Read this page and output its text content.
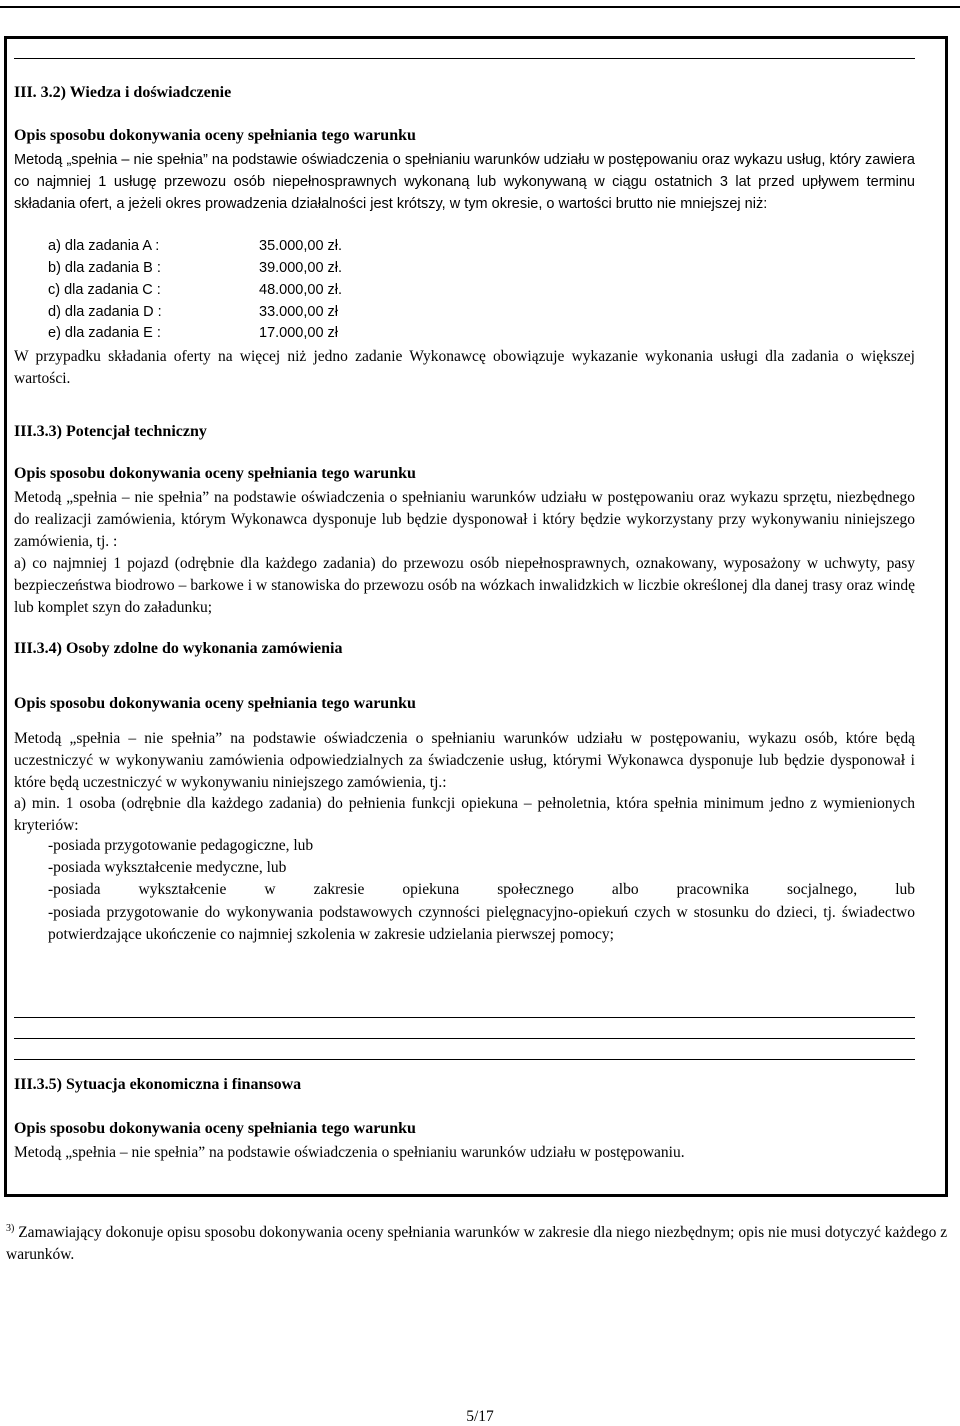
III. 3.2) Wiedza i doświadczenie
Opis sposobu dokonywania oceny spełniania tego warunku
Metodą „spełnia – nie spełnia” na podstawie oświadczenia o spełnianiu warunków udziału w postępowaniu oraz wykazu usług, który zawiera co najmniej 1 usługę przewozu osób niepełnosprawnych wykonaną lub wykonywaną w ciągu ostatnich 3 lat przed upływem terminu składania ofert, a jeżeli okres prowadzenia działalności jest krótszy, w tym okresie, o wartości brutto nie mniejszej niż:
a) dla zadania A :	35.000,00 zł.
b) dla zadania B :	39.000,00 zł.
c) dla zadania C :	48.000,00 zł.
d) dla zadania D :	33.000,00 zł
e) dla zadania E :	17.000,00 zł
W przypadku składania oferty na więcej niż jedno zadanie Wykonawcę obowiązuje wykazanie wykonania usługi dla zadania o większej wartości.
III.3.3) Potencjał techniczny
Opis sposobu dokonywania oceny spełniania tego warunku
Metodą „spełnia – nie spełnia” na podstawie oświadczenia o spełnianiu warunków udziału w postępowaniu oraz wykazu sprzętu, niezbędnego do realizacji zamówienia, którym Wykonawca dysponuje lub będzie dysponował i który będzie wykorzystany przy wykonywaniu niniejszego zamówienia, tj. :
a) co najmniej 1 pojazd (odrębnie dla każdego zadania) do przewozu osób niepełnosprawnych, oznakowany, wyposażony w uchwyty, pasy bezpieczeństwa biodrowo – barkowe i w stanowiska do przewozu osób na wózkach inwalidzkich w liczbie określonej dla danej trasy oraz windę lub komplet szyn do załadunku;
III.3.4) Osoby zdolne do wykonania zamówienia
Opis sposobu dokonywania oceny spełniania tego warunku
Metodą „spełnia – nie spełnia” na podstawie oświadczenia o spełnianiu warunków udziału w postępowaniu, wykazu osób, które będą uczestniczyć w wykonywaniu zamówienia odpowiedzialnych za świadczenie usług, którymi Wykonawca dysponuje lub będzie dysponował i które będą uczestniczyć w wykonywaniu niniejszego zamówienia, tj.:
a) min. 1 osoba (odrębnie dla każdego zadania) do pełnienia funkcji opiekuna – pełnoletnia, która spełnia minimum jedno z wymienionych kryteriów:
-posiada przygotowanie pedagogiczne, lub
-posiada wykształcenie medyczne, lub
-posiada wykształcenie w zakresie opiekuna społecznego albo pracownika socjalnego, lub
-posiada przygotowanie do wykonywania podstawowych czynności pielęgnacyjno-opiekuń czych w stosunku do dzieci, tj. świadectwo potwierdzające ukończenie co najmniej szkolenia w zakresie udzielania pierwszej pomocy;
III.3.5) Sytuacja ekonomiczna i finansowa
Opis sposobu dokonywania oceny spełniania tego warunku
Metodą „spełnia – nie spełnia” na podstawie oświadczenia o spełnianiu warunków udziału w postępowaniu.
$^{3)}$ Zamawiający dokonuje opisu sposobu dokonywania oceny spełniania warunków w zakresie dla niego niezbędnym; opis nie musi dotyczyć każdego z warunków.
5/17
